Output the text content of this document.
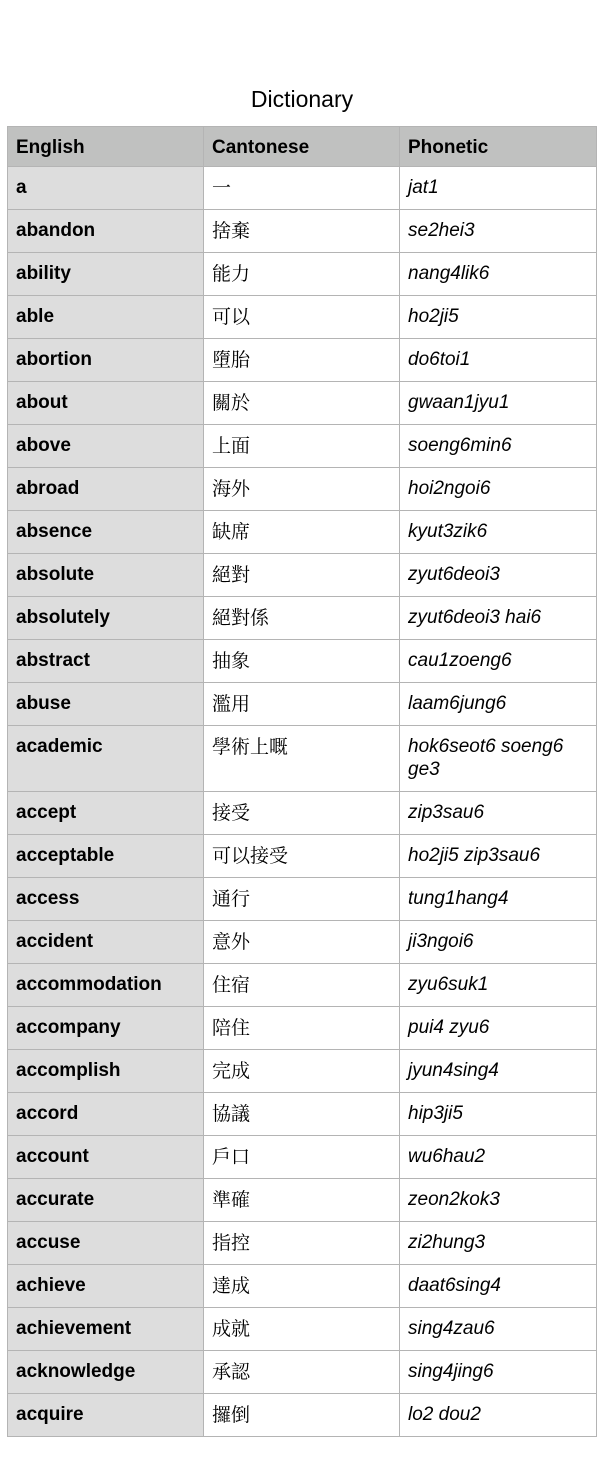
Dictionary
English	Cantonese	Phonetic
a	一	jat1
abandon	捨棄	se2hei3
ability	能力	nang4lik6
able	可以	ho2ji5
abortion	墮胎	do6toi1
about	關於	gwaan1jyu1
above	上面	soeng6min6
abroad	海外	hoi2ngoi6
absence	缺席	kyut3zik6
absolute	絕對	zyut6deoi3
absolutely	絕對係	zyut6deoi3 hai6
abstract	抽象	cau1zoeng6
abuse	濫用	laam6jung6
academic	學術上嘅	hok6seot6 soeng6 ge3
accept	接受	zip3sau6
acceptable	可以接受	ho2ji5 zip3sau6
access	通行	tung1hang4
accident	意外	ji3ngoi6
accommodation	住宿	zyu6suk1
accompany	陪住	pui4 zyu6
accomplish	完成	jyun4sing4
accord	協議	hip3ji5
account	戶口	wu6hau2
accurate	準確	zeon2kok3
accuse	指控	zi2hung3
achieve	達成	daat6sing4
achievement	成就	sing4zau6
acknowledge	承認	sing4jing6
acquire	攞倒	lo2 dou2
